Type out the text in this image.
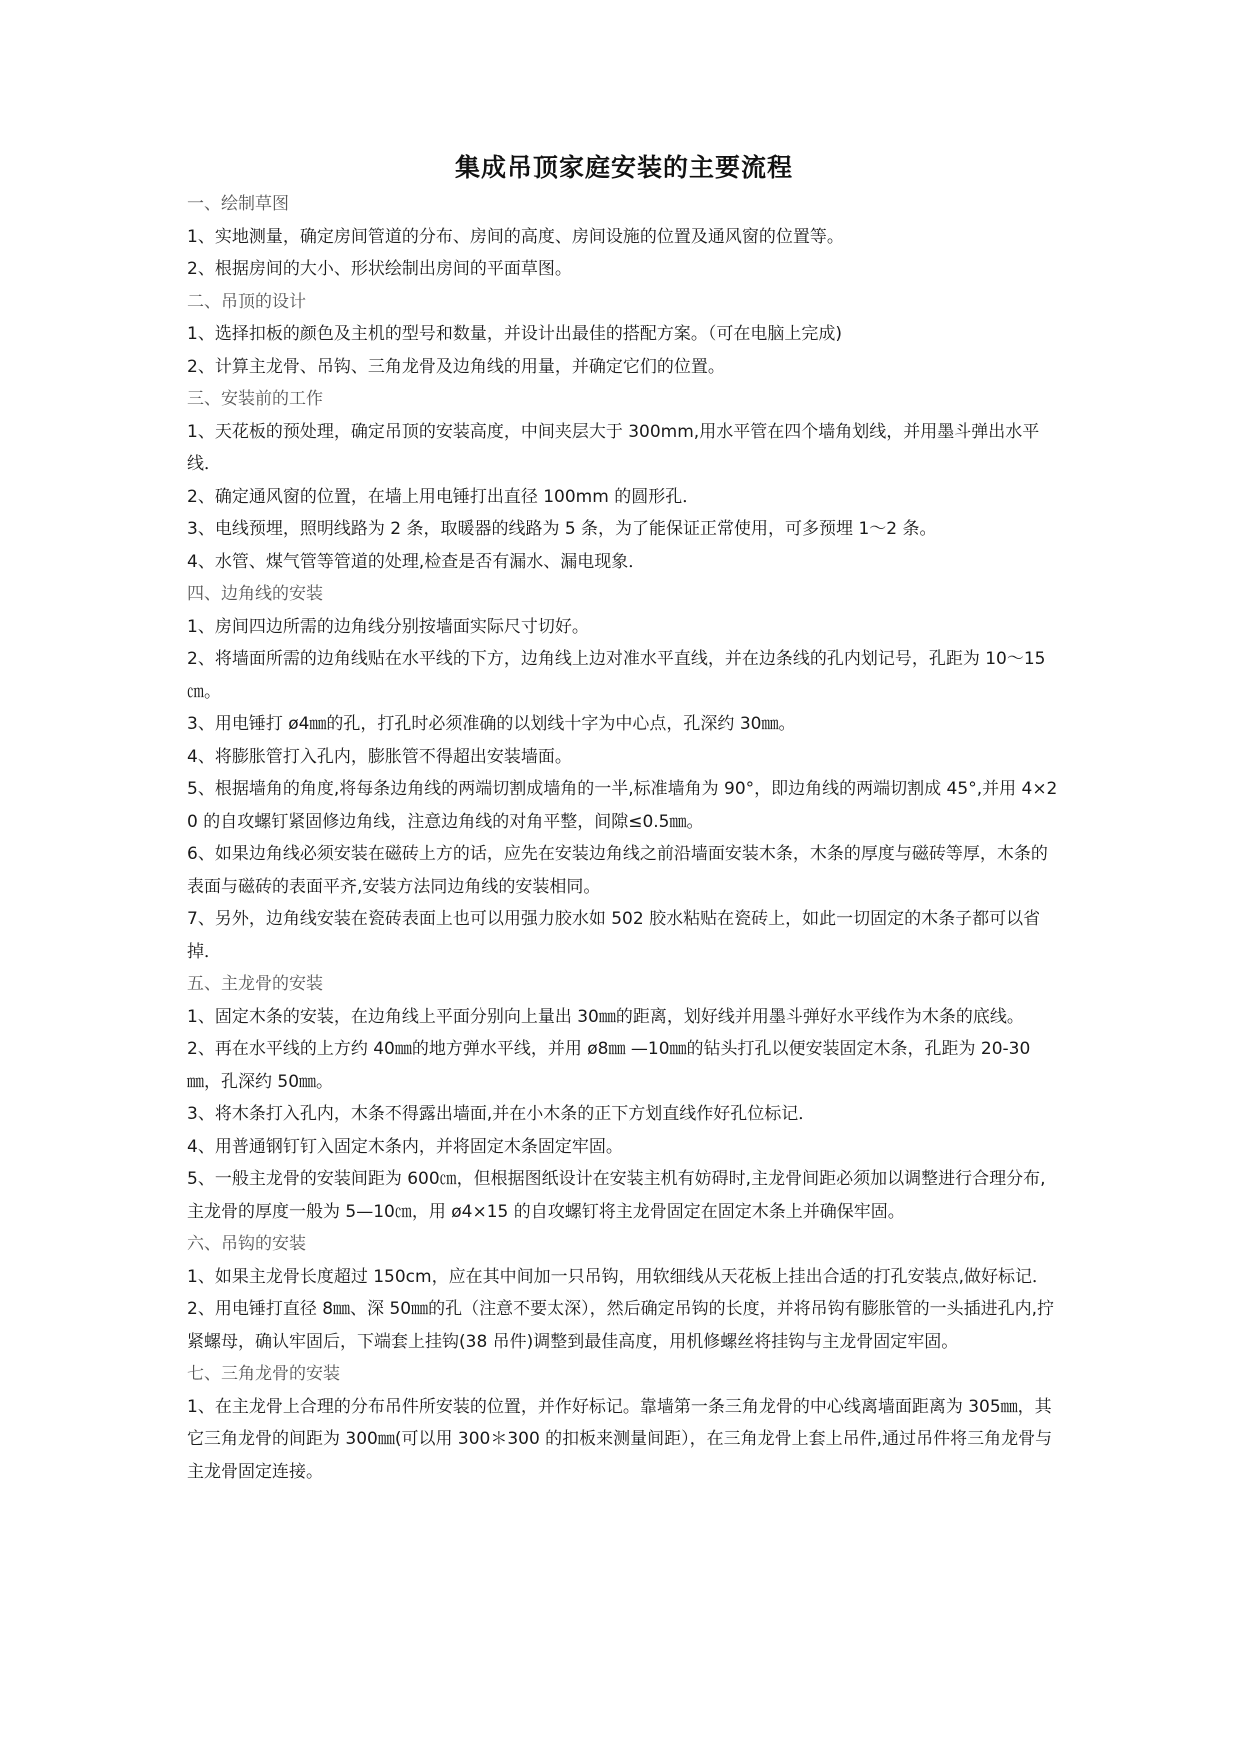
集成吊顶家庭安装的主要流程

一、绘制草图

1、实地测量，确定房间管道的分布、房间的高度、房间设施的位置及通风窗的位置等。

2、根据房间的大小、形状绘制出房间的平面草图。

二、吊顶的设计

1、选择扣板的颜色及主机的型号和数量，并设计出最佳的搭配方案。（可在电脑上完成)

2、计算主龙骨、吊钩、三角龙骨及边角线的用量，并确定它们的位置。

三、安装前的工作

1、天花板的预处理，确定吊顶的安装高度，中间夹层大于 300mm,用水平管在四个墙角划线，并用墨斗弹出水平线．

2、确定通风窗的位置，在墙上用电锤打出直径 100mm 的圆形孔．

3、电线预埋，照明线路为 2 条，取暖器的线路为 5 条，为了能保证正常使用，可多预埋 1～2 条。

4、水管、煤气管等管道的处理,检查是否有漏水、漏电现象．

四、边角线的安装

1、房间四边所需的边角线分别按墙面实际尺寸切好。

2、将墙面所需的边角线贴在水平线的下方，边角线上边对准水平直线，并在边条线的孔内划记号，孔距为 10～15㎝。

3、用电锤打 ø4㎜的孔，打孔时必须准确的以划线十字为中心点，孔深约 30㎜。

4、将膨胀管打入孔内，膨胀管不得超出安装墙面。

5、根据墙角的角度,将每条边角线的两端切割成墙角的一半,标准墙角为 90°，即边角线的两端切割成 45°,并用 4×20 的自攻螺钉紧固修边角线，注意边角线的对角平整，间隙≤0.5㎜。

6、如果边角线必须安装在磁砖上方的话，应先在安装边角线之前沿墙面安装木条，木条的厚度与磁砖等厚，木条的表面与磁砖的表面平齐,安装方法同边角线的安装相同。

7、另外，边角线安装在瓷砖表面上也可以用强力胶水如 502 胶水粘贴在瓷砖上，如此一切固定的木条子都可以省掉．

五、主龙骨的安装

1、固定木条的安装，在边角线上平面分别向上量出 30㎜的距离，划好线并用墨斗弹好水平线作为木条的底线。

2、再在水平线的上方约 40㎜的地方弹水平线，并用 ø8㎜ —10㎜的钻头打孔以便安装固定木条，孔距为 20-30㎜，孔深约 50㎜。

3、将木条打入孔内，木条不得露出墙面,并在小木条的正下方划直线作好孔位标记．

4、用普通钢钉钉入固定木条内，并将固定木条固定牢固。

5、一般主龙骨的安装间距为 600㎝，但根据图纸设计在安装主机有妨碍时,主龙骨间距必须加以调整进行合理分布,主龙骨的厚度一般为 5—10㎝，用 ø4×15 的自攻螺钉将主龙骨固定在固定木条上并确保牢固。

六、吊钩的安装

1、如果主龙骨长度超过 150cm，应在其中间加一只吊钩，用软细线从天花板上挂出合适的打孔安装点,做好标记．

2、用电锤打直径 8㎜、深 50㎜的孔（注意不要太深），然后确定吊钩的长度，并将吊钩有膨胀管的一头插进孔内,拧紧螺母，确认牢固后，下端套上挂钩(38 吊件)调整到最佳高度，用机修螺丝将挂钩与主龙骨固定牢固。

七、三角龙骨的安装

1、在主龙骨上合理的分布吊件所安装的位置，并作好标记。靠墙第一条三角龙骨的中心线离墙面距离为 305㎜，其它三角龙骨的间距为 300㎜(可以用 300＊300 的扣板来测量间距），在三角龙骨上套上吊件,通过吊件将三角龙骨与主龙骨固定连接。
